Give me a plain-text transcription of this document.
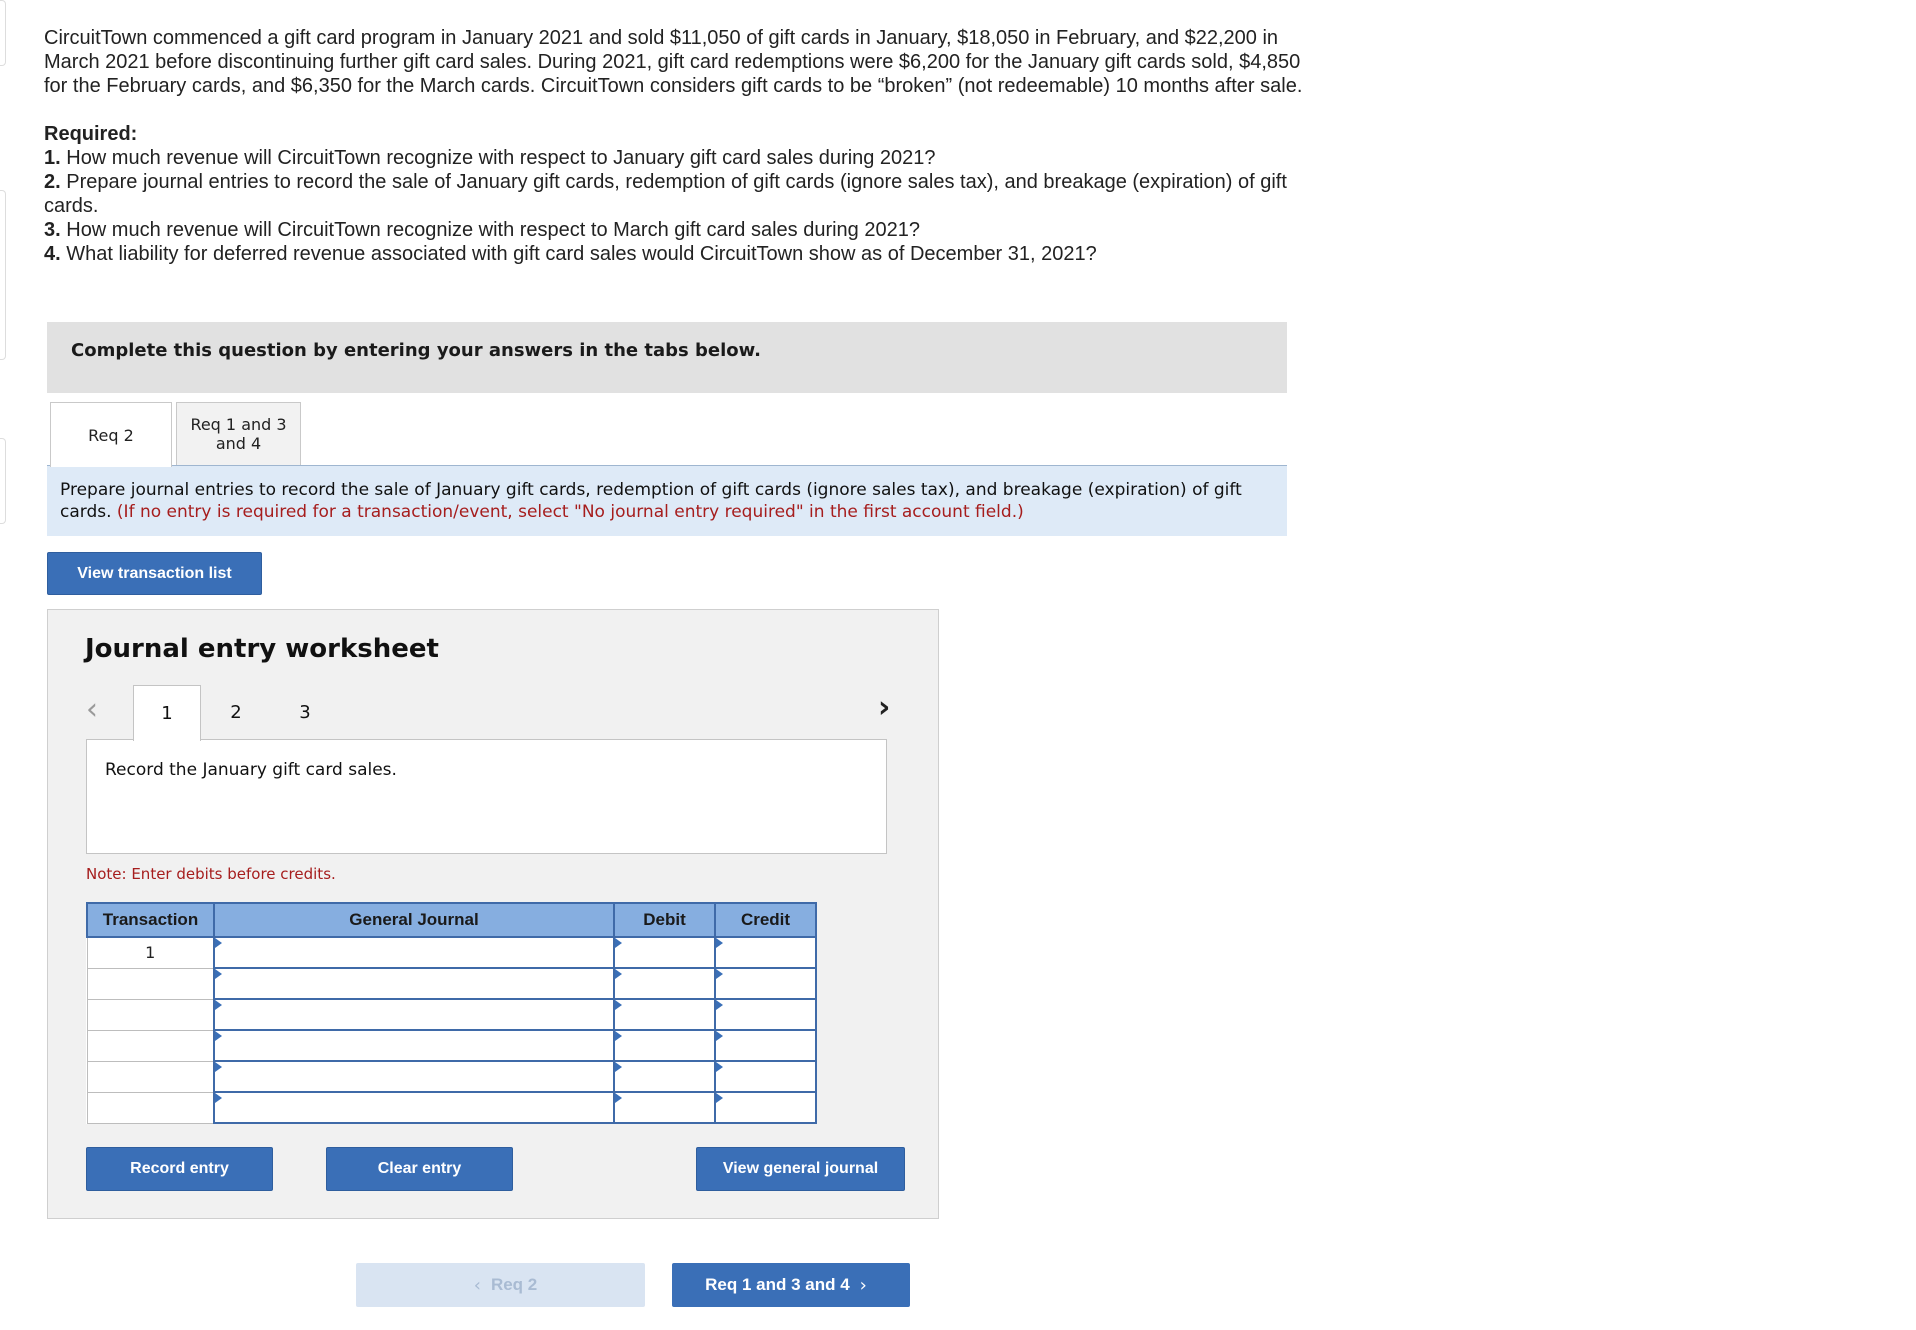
CircuitTown commenced a gift card program in January 2021 and sold $11,050 of gift cards in January, $18,050 in February, and $22,200 in March 2021 before discontinuing further gift card sales. During 2021, gift card redemptions were $6,200 for the January gift cards sold, $4,850 for the February cards, and $6,350 for the March cards. CircuitTown considers gift cards to be “broken” (not redeemable) 10 months after sale.

Required:
1. How much revenue will CircuitTown recognize with respect to January gift card sales during 2021?
2. Prepare journal entries to record the sale of January gift cards, redemption of gift cards (ignore sales tax), and breakage (expiration) of gift cards.
3. How much revenue will CircuitTown recognize with respect to March gift card sales during 2021?
4. What liability for deferred revenue associated with gift card sales would CircuitTown show as of December 31, 2021?
Complete this question by entering your answers in the tabs below.
Req 2
Req 1 and 3
and 4
Prepare journal entries to record the sale of January gift cards, redemption of gift cards (ignore sales tax), and breakage (expiration) of gift cards. (If no entry is required for a transaction/event, select "No journal entry required" in the first account field.)
View transaction list
Journal entry worksheet
‹	1	2	3	›
Record the January gift card sales.
Note: Enter debits before credits.
Transaction	General Journal	Debit	Credit
1			

Record entry	Clear entry	View general journal
‹ Req 2	Req 1 and 3 and 4 ›
